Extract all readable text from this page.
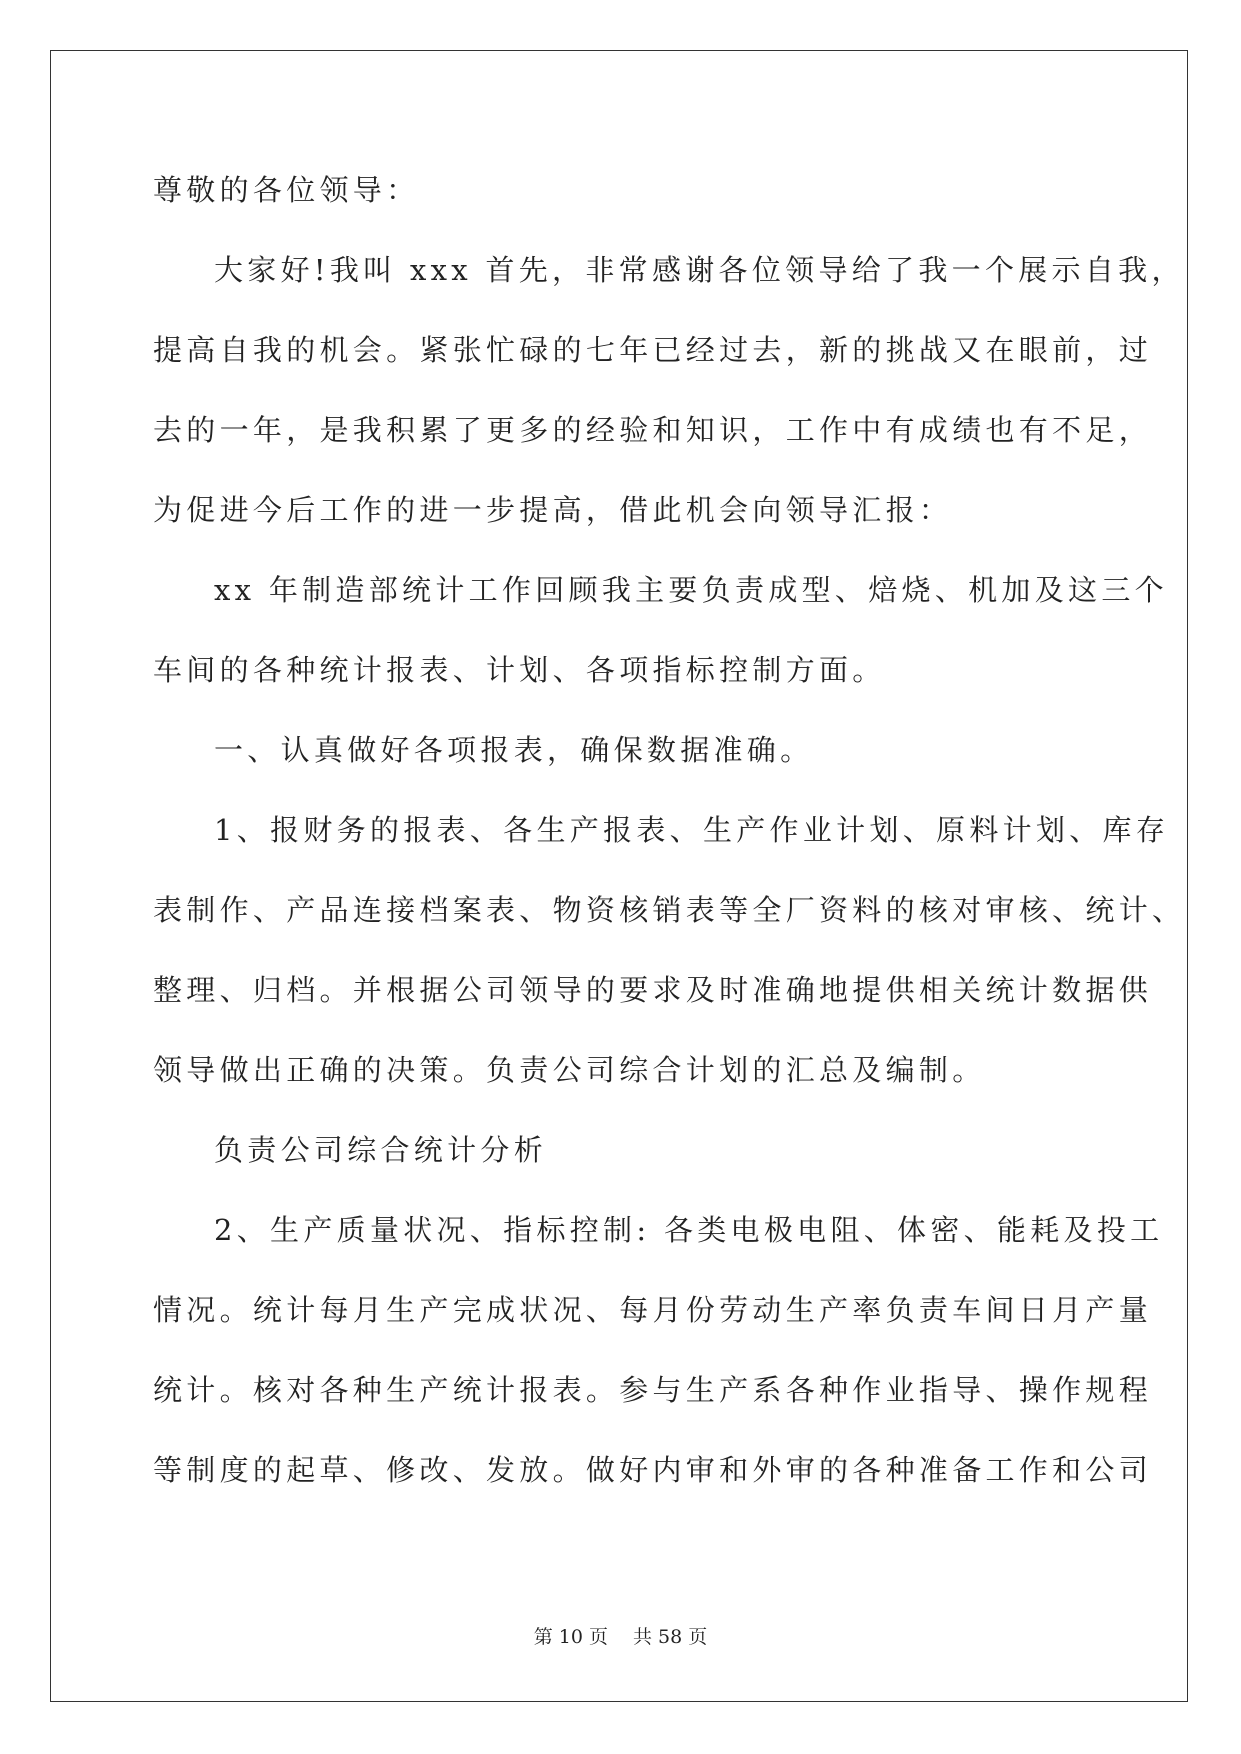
尊敬的各位领导：
大家好!我叫 xxx 首先，非常感谢各位领导给了我一个展示自我，
提高自我的机会。紧张忙碌的七年已经过去，新的挑战又在眼前，过
去的一年，是我积累了更多的经验和知识，工作中有成绩也有不足，
为促进今后工作的进一步提高，借此机会向领导汇报：
xx 年制造部统计工作回顾我主要负责成型、焙烧、机加及这三个
车间的各种统计报表、计划、各项指标控制方面。
一、认真做好各项报表，确保数据准确。
1、报财务的报表、各生产报表、生产作业计划、原料计划、库存
表制作、产品连接档案表、物资核销表等全厂资料的核对审核、统计、
整理、归档。并根据公司领导的要求及时准确地提供相关统计数据供
领导做出正确的决策。负责公司综合计划的汇总及编制。
负责公司综合统计分析
2、生产质量状况、指标控制: 各类电极电阻、体密、能耗及投工
情况。统计每月生产完成状况、每月份劳动生产率负责车间日月产量
统计。核对各种生产统计报表。参与生产系各种作业指导、操作规程
等制度的起草、修改、发放。做好内审和外审的各种准备工作和公司
第 10 页　 共 58 页
